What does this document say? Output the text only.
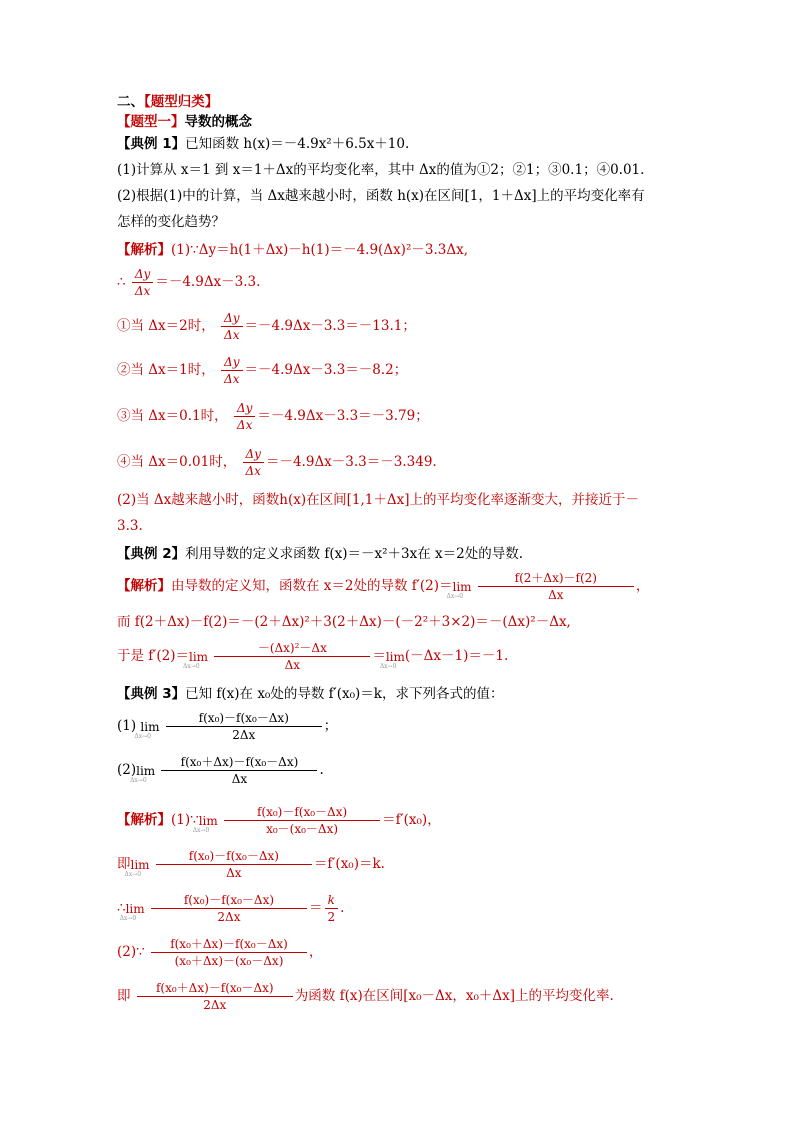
二、【题型归类】
【题型一】导数的概念
【典例 1】已知函数 h(x)＝－4.9x²＋6.5x＋10.
(1)计算从 x＝1 到 x＝1＋Δx的平均变化率，其中 Δx的值为①2；②1；③0.1；④0.01.
(2)根据(1)中的计算，当 Δx越来越小时，函数 h(x)在区间[1，1＋Δx]上的平均变化率有
怎样的变化趋势？
【解析】(1)∵Δy＝h(1＋Δx)－h(1)＝－4.9(Δx)²－3.3Δx,
∴ $\frac{\Delta y}{\Delta x} =-4.9\Delta x-3.3$.
①当 Δx＝2时， $\frac{\Delta y}{\Delta x} =-4.9\Delta x-3.3=-13.1$；
②当 Δx＝1时， $\frac{\Delta y}{\Delta x} =-4.9\Delta x-3.3=-8.2$；
③当 Δx＝0.1时， $\frac{\Delta y}{\Delta x} =-4.9\Delta x-3.3=-3.79$；
④当 Δx＝0.01时， $\frac{\Delta y}{\Delta x} =-4.9\Delta x-3.3=-3.349$.
(2)当 Δx越来越小时，函数h(x)在区间[1,1＋Δx]上的平均变化率逐渐变大，并接近于－
3.3.
【典例 2】利用导数的定义求函数 f(x)＝－x²＋3x在 x＝2处的导数.
【解析】由导数的定义知，函数在 x＝2处的导数 f′(2)＝lim
Δx→0
$\frac{f(2+\Delta x)-f(2)}{\Delta x}$ ，
而 f(2＋Δx)－f(2)＝－(2＋Δx)²＋3(2＋Δx)－(－2²＋3×2)＝－(Δx)²－Δx,
于是 f′(2)＝lim
Δx→0
$\frac{\text{－(Δx)²－Δx}}{\Delta x} =\lim$
Δx→0
(－Δx－1)＝－1.
【典例 3】已知 f(x)在 x₀处的导数 f′(x₀)＝k，求下列各式的值：
(1) lim
Δx→0
$\frac{\text{f(x₀)－f(x₀－Δx)}}{2\Delta x}$ ；
(2)lim
Δx→0
$\frac{\text{f(x₀＋Δx)－f(x₀－Δx)}}{\Delta x}$ .
【解析】(1)∵lim
Δx→0
$\frac{\text{f(x₀)－f(x₀－Δx)}}{\text{x₀－(x₀－Δx)}} =f'(x_0)$，
即lim
Δx→0
$\frac{\text{f(x₀)－f(x₀－Δx)}}{\Delta x} =f'(x_0)=k$.
∴lim
Δx→0
$\frac{\text{f(x₀)－f(x₀－Δx)}}{2\Delta x} = \frac{k}{2}$ .
(2)∵ $\frac{\text{f(x₀＋Δx)－f(x₀－Δx)}}{\text{(x₀＋Δx)－(x₀－Δx)}}$ ，
即 $\frac{\text{f(x₀＋Δx)－f(x₀－Δx)}}{2\Delta x}$ 为函数 f(x)在区间[x₀－Δx，x₀＋Δx]上的平均变化率.
